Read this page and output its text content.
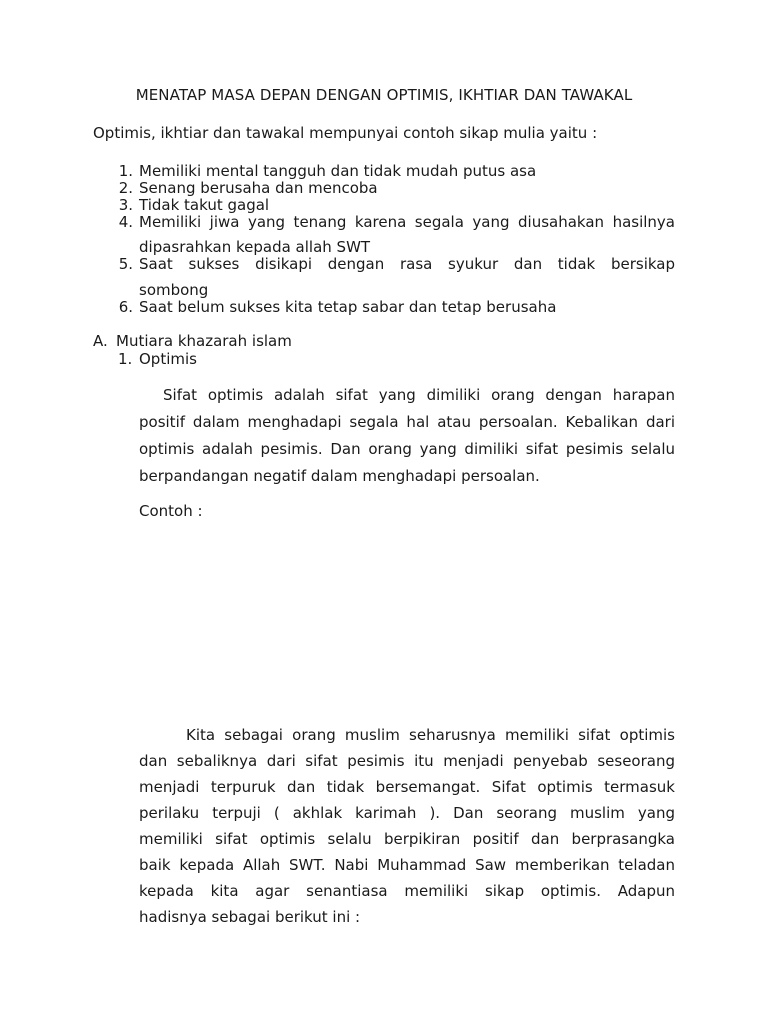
MENATAP MASA DEPAN DENGAN OPTIMIS, IKHTIAR DAN TAWAKAL
Optimis, ikhtiar dan tawakal mempunyai contoh sikap mulia yaitu :
1. Memiliki mental tangguh dan tidak mudah putus asa
2. Senang berusaha dan mencoba
3. Tidak takut gagal
4. Memiliki jiwa yang tenang karena segala yang diusahakan hasilnya
dipasrahkan kepada allah SWT
5. Saat sukses disikapi dengan rasa syukur dan tidak bersikap
sombong
6. Saat belum sukses kita tetap sabar dan tetap berusaha
A. Mutiara khazarah islam
1. Optimis
Sifat optimis adalah sifat yang dimiliki orang dengan harapan
positif dalam menghadapi segala hal atau persoalan. Kebalikan dari
optimis adalah pesimis. Dan orang yang dimiliki sifat pesimis selalu
berpandangan negatif dalam menghadapi persoalan.
Contoh :
Kita sebagai orang muslim seharusnya memiliki sifat optimis
dan sebaliknya dari sifat pesimis itu menjadi penyebab seseorang
menjadi terpuruk dan tidak bersemangat. Sifat optimis termasuk
perilaku terpuji ( akhlak karimah ). Dan seorang muslim yang
memiliki sifat optimis selalu berpikiran positif dan berprasangka
baik kepada Allah SWT. Nabi Muhammad Saw memberikan teladan
kepada kita agar senantiasa memiliki sikap optimis. Adapun
hadisnya sebagai berikut ini :
